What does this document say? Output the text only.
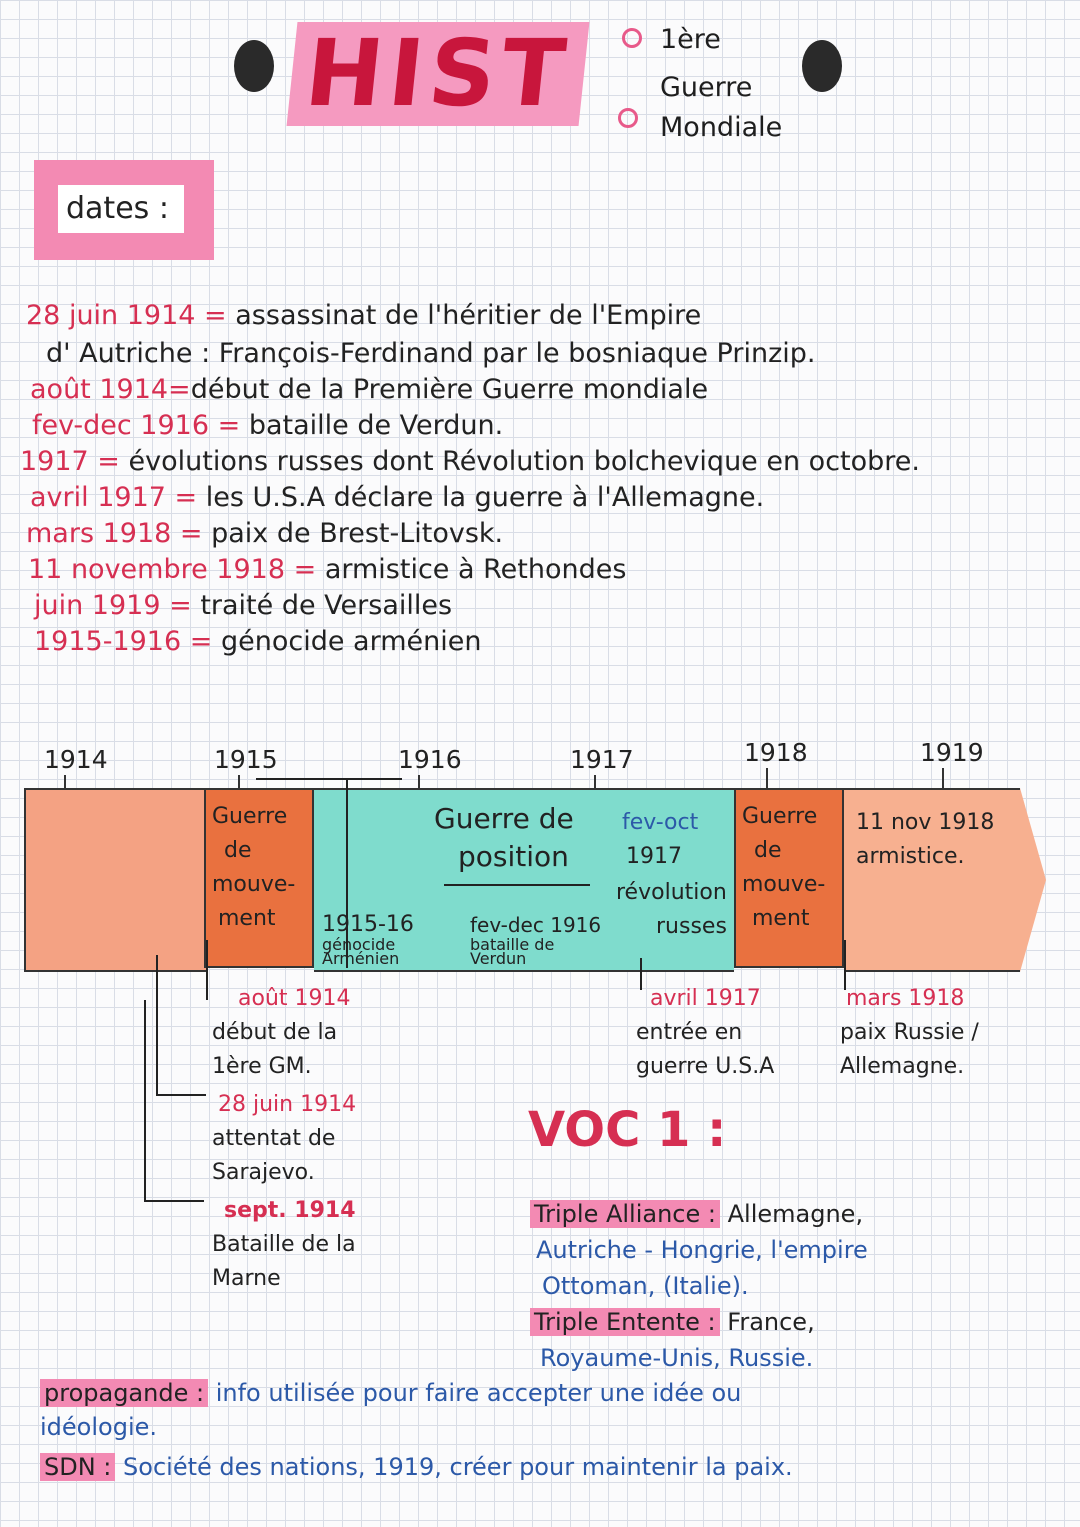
HIST	1ère
Guerre
Mondiale
dates :
28 juin 1914 = assassinat de l'héritier de l'Empire
d' Autriche : François-Ferdinand par le bosniaque Prinzip.
août 1914=début de la Première Guerre mondiale
fev-dec 1916 = bataille de Verdun.
1917 = évolutions russes dont Révolution bolchevique en octobre.
avril 1917 = les U.S.A déclare la guerre à l'Allemagne.
mars 1918 = paix de Brest-Litovsk.
11 novembre 1918 = armistice à Rethondes
juin 1919 = traité de Versailles
1915-1916 = génocide arménien
1914	1915	1916	1917	1918	1919
Guerre
de
mouve-
ment
Guerre de
position
fev-oct
1917
révolution
russes
1915-16
génocide
Arménien
fev-dec 1916
bataille de
Verdun
Guerre
de
mouve-
ment
11 nov 1918
armistice.
août 1914
début de la
1ère GM.
28 juin 1914
attentat de
Sarajevo.
sept. 1914
Bataille de la
Marne
avril 1917
entrée en
guerre U.S.A
mars 1918
paix Russie /
Allemagne.
VOC 1 :
Triple Alliance : Allemagne,
Autriche - Hongrie, l'empire
Ottoman, (Italie).
Triple Entente : France,
Royaume-Unis, Russie.
propagande : info utilisée pour faire accepter une idée ou
idéologie.
SDN : Société des nations, 1919, créer pour maintenir la paix.
